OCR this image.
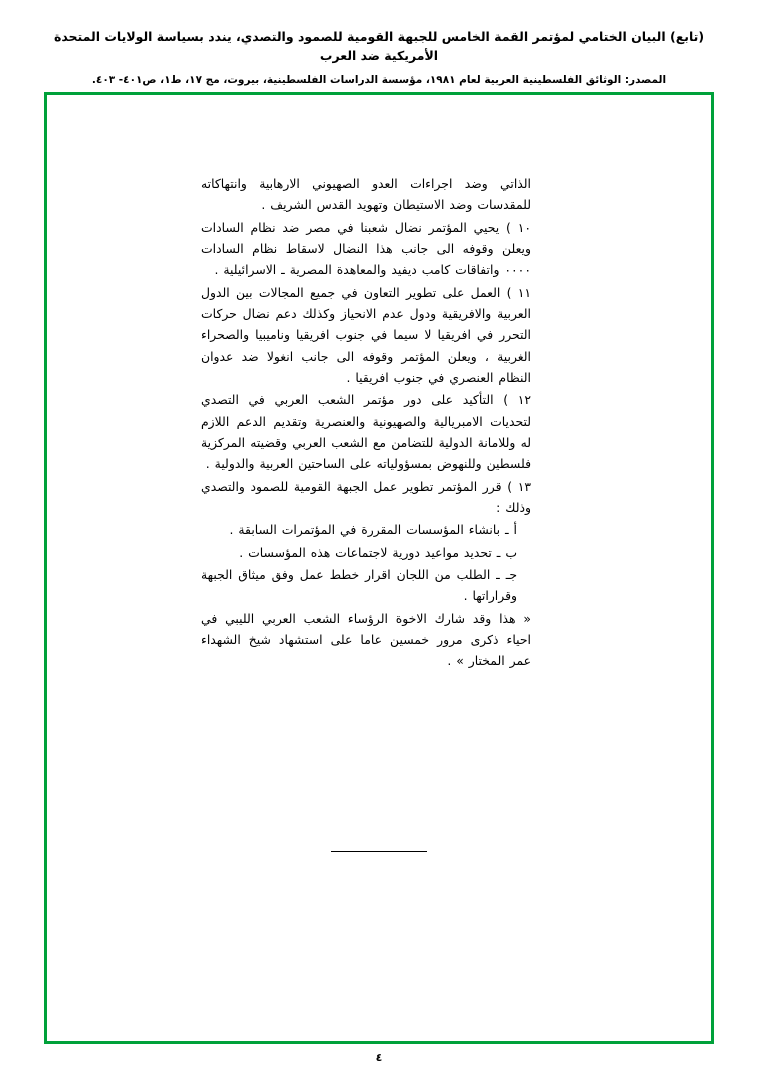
(تابع) البيان الختامي لمؤتمر القمة الخامس للجبهة القومية للصمود والتصدي، يندد بسياسة الولايات المتحدة الأمريكية ضد العرب
المصدر: الوثائق الفلسطينية العربية لعام ١٩٨١، مؤسسة الدراسات الفلسطينية، بيروت، مج ١٧، ط١، ص٤٠١- ٤٠٣.

الذاتي وضد اجراءات العدو الصهيوني الارهابية وانتهاكاته للمقدسات وضد الاستيطان وتهويد القدس الشريف .

١٠ ) يحيي المؤتمر نضال شعبنا في مصر ضد نظام السادات ويعلن وقوفه الى جانب هذا النضال لاسقاط نظام السادات ٠٠٠٠ واتفاقات كامب ديفيد والمعاهدة المصرية ـ الاسرائيلية .

١١ ) العمل على تطوير التعاون في جميع المجالات بين الدول العربية والافريقية ودول عدم الانحياز وكذلك دعم نضال حركات التحرر في افريقيا لا سيما في جنوب افريقيا وناميبيا والصحراء الغربية ، ويعلن المؤتمر وقوفه الى جانب انغولا ضد عدوان النظام العنصري في جنوب افريقيا .

١٢ ) التأكيد على دور مؤتمر الشعب العربي في التصدي لتحديات الامبريالية والصهيونية والعنصرية وتقديم الدعم اللازم له وللامانة الدولية للتضامن مع الشعب العربي وقضيته المركزية فلسطين وللنهوض بمسؤولياته على الساحتين العربية والدولية .

١٣ ) قرر المؤتمر تطوير عمل الجبهة القومية للصمود والتصدي وذلك :

أ ـ بانشاء المؤسسات المقررة في المؤتمرات السابقة .

ب ـ تحديد مواعيد دورية لاجتماعات هذه المؤسسات .

جـ ـ الطلب من اللجان اقرار خطط عمل وفق ميثاق الجبهة وقراراتها .

« هذا وقد شارك الاخوة الرؤساء الشعب العربي الليبي في احياء ذكرى مرور خمسين عاما على استشهاد شيخ الشهداء عمر المختار » .

٤
